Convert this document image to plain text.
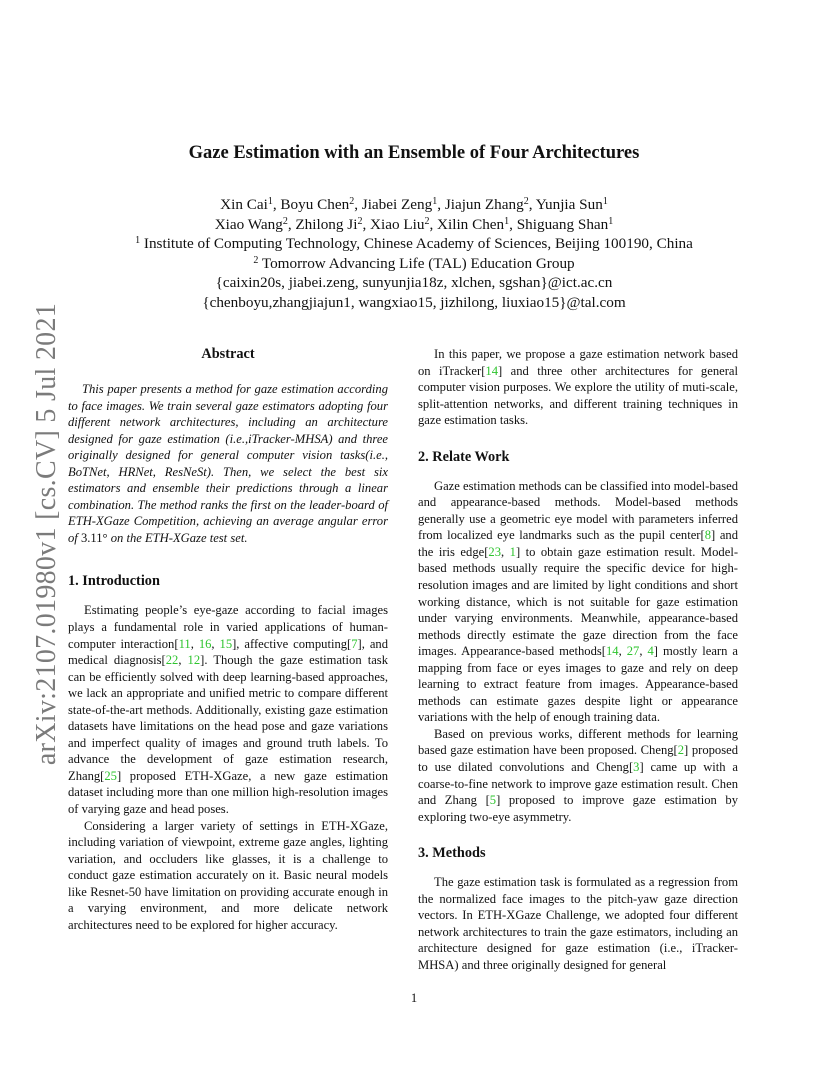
arXiv:2107.01980v1 [cs.CV] 5 Jul 2021
Gaze Estimation with an Ensemble of Four Architectures
Xin Cai$^1$, Boyu Chen$^2$, Jiabei Zeng$^1$, Jiajun Zhang$^2$, Yunjia Sun$^1$
Xiao Wang$^2$, Zhilong Ji$^2$, Xiao Liu$^2$, Xilin Chen$^1$, Shiguang Shan$^1$
$^1$ Institute of Computing Technology, Chinese Academy of Sciences, Beijing 100190, China
$^2$ Tomorrow Advancing Life (TAL) Education Group
{caixin20s, jiabei.zeng, sunyunjia18z, xlchen, sgshan}@ict.ac.cn
{chenboyu,zhangjiajun1, wangxiao15, jizhilong, liuxiao15}@tal.com
Abstract

This paper presents a method for gaze estimation according to face images. We train several gaze estimators adopting four different network architectures, including an architecture designed for gaze estimation (i.e.,iTracker-MHSA) and three originally designed for general computer vision tasks(i.e., BoTNet, HRNet, ResNeSt). Then, we select the best six estimators and ensemble their predictions through a linear combination. The method ranks the first on the leader-board of ETH-XGaze Competition, achieving an average angular error of 3.11° on the ETH-XGaze test set.

1. Introduction

Estimating people’s eye-gaze according to facial images plays a fundamental role in varied applications of human-computer interaction[11, 16, 15], affective computing[7], and medical diagnosis[22, 12]. Though the gaze estimation task can be efficiently solved with deep learning-based approaches, we lack an appropriate and unified metric to compare different state-of-the-art methods. Additionally, existing gaze estimation datasets have limitations on the head pose and gaze variations and imperfect quality of images and ground truth labels. To advance the development of gaze estimation research, Zhang[25] proposed ETH-XGaze, a new gaze estimation dataset including more than one million high-resolution images of varying gaze and head poses.

Considering a larger variety of settings in ETH-XGaze, including variation of viewpoint, extreme gaze angles, lighting variation, and occluders like glasses, it is a challenge to conduct gaze estimation accurately on it. Basic neural models like Resnet-50 have limitation on providing accurate enough in a varying environment, and more delicate network architectures need to be explored for higher accuracy.

In this paper, we propose a gaze estimation network based on iTracker[14] and three other architectures for general computer vision purposes. We explore the utility of muti-scale, split-attention networks, and different training techniques in gaze estimation tasks.

2. Relate Work

Gaze estimation methods can be classified into model-based and appearance-based methods. Model-based methods generally use a geometric eye model with parameters inferred from localized eye landmarks such as the pupil center[8] and the iris edge[23, 1] to obtain gaze estimation result. Model-based methods usually require the specific device for high- resolution images and are limited by light conditions and short working distance, which is not suitable for gaze estimation under varying environments. Meanwhile, appearance-based methods directly estimate the gaze direction from the face images. Appearance-based methods[14, 27, 4] mostly learn a mapping from face or eyes images to gaze and rely on deep learning to extract feature from images. Appearance-based methods can estimate gazes despite light or appearance variations with the help of enough training data.

Based on previous works, different methods for learning based gaze estimation have been proposed. Cheng[2] proposed to use dilated convolutions and Cheng[3] came up with a coarse-to-fine network to improve gaze estimation result. Chen and Zhang [5] proposed to improve gaze estimation by exploring two-eye asymmetry.

3. Methods

The gaze estimation task is formulated as a regression from the normalized face images to the pitch-yaw gaze direction vectors. In ETH-XGaze Challenge, we adopted four different network architectures to train the gaze estimators, including an architecture designed for gaze estimation (i.e., iTracker-MHSA) and three originally designed for general

1
